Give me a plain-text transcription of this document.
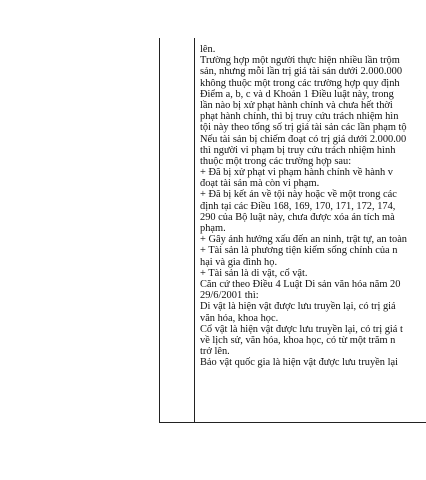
lên.
Trường hợp một người thực hiện nhiều lần trộm
sản, nhưng mỗi lần trị giá tài sản dưới 2.000.000
không thuộc một trong các trường hợp quy định
Điểm a, b, c và d Khoản 1 Điều luật này, trong
lần nào bị xử phạt hành chính và chưa hết thời
phạt hành chính, thì bị truy cứu trách nhiệm hìn
tội này theo tổng số trị giá tài sản các lần phạm tộ
Nếu tài sản bị chiếm đoạt có trị giá dưới 2.000.00
thì người vi phạm bị truy cứu trách nhiệm hình
thuộc một trong các trường hợp sau:
+ Đã bị xử phạt vi phạm hành chính về hành v
đoạt tài sản mà còn vi phạm.
+ Đã bị kết án về tội này hoặc về một trong các
định tại các Điều 168, 169, 170, 171, 172, 174,
290 của Bộ luật này, chưa được xóa án tích mà
phạm.
+ Gây ảnh hưởng xấu đến an ninh, trật tự, an toàn
+ Tài sản là phương tiện kiếm sống chính của n
hại và gia đình họ.
+ Tài sản là di vật, cổ vật.
Căn cứ theo Điều 4 Luật Di sản văn hóa năm 20
29/6/2001 thì:
Di vật là hiện vật được lưu truyền lại, có trị giá
văn hóa, khoa học.
Cổ vật là hiện vật được lưu truyền lại, có trị giá t
về lịch sử, văn hóa, khoa học, có từ một trăm n
trở lên.
Bảo vật quốc gia là hiện vật được lưu truyền lại
